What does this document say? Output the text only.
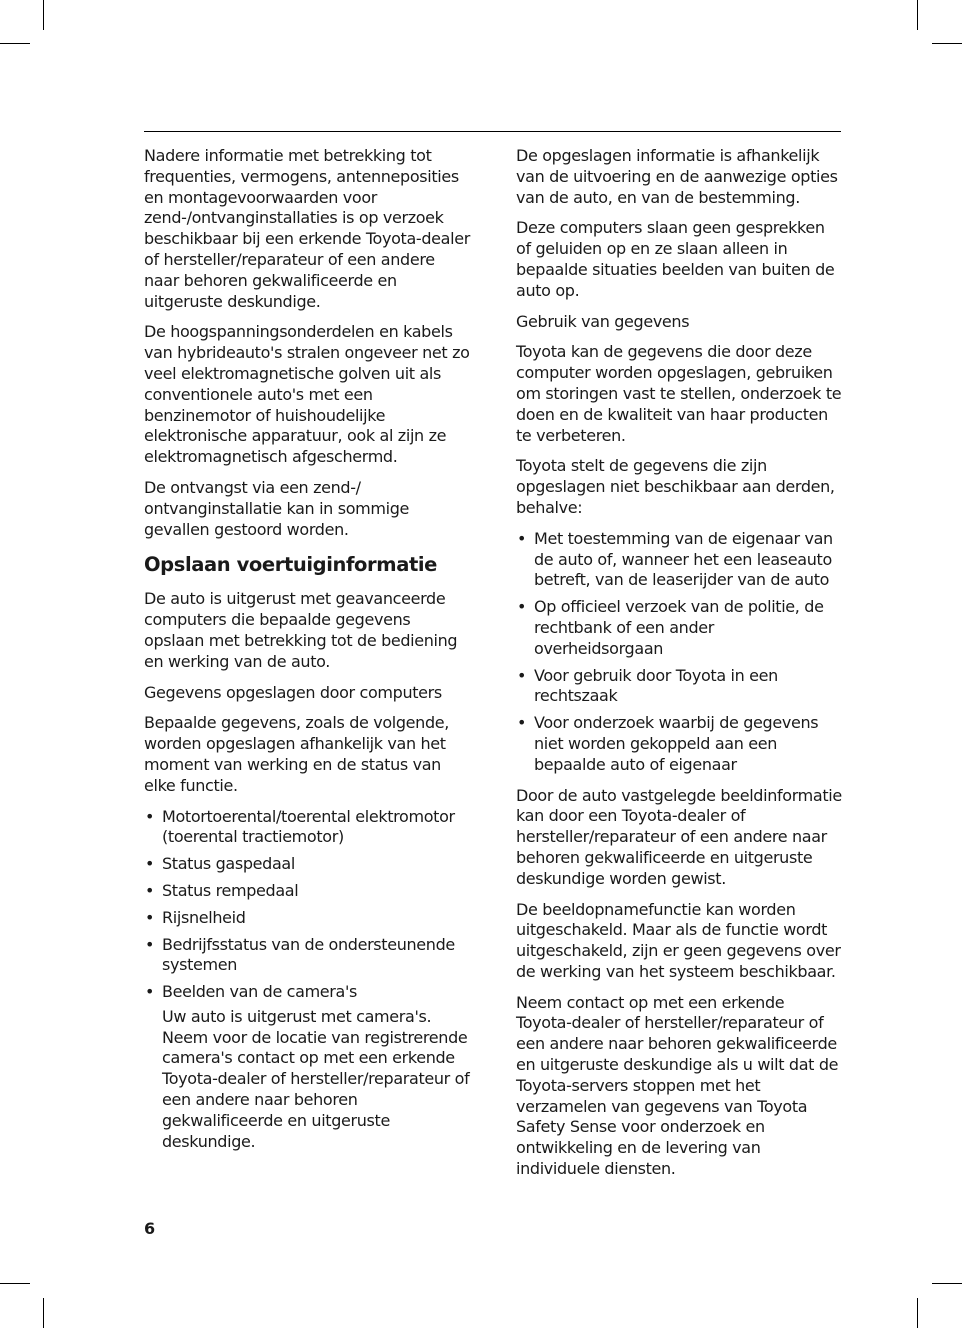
Nadere informatie met betrekking tot frequenties, vermogens, antenneposities en montagevoorwaarden voor zend-/ontvanginstallaties is op verzoek beschikbaar bij een erkende Toyota-dealer of hersteller/reparateur of een andere naar behoren gekwalificeerde en uitgeruste deskundige.

De hoogspanningsonderdelen en kabels van hybrideauto's stralen ongeveer net zo veel elektromagnetische golven uit als conventionele auto's met een benzinemotor of huishoudelijke elektronische apparatuur, ook al zijn ze elektromagnetisch afgeschermd.

De ontvangst via een zend-/ ontvanginstallatie kan in sommige gevallen gestoord worden.

Opslaan voertuiginformatie

De auto is uitgerust met geavanceerde computers die bepaalde gegevens opslaan met betrekking tot de bediening en werking van de auto.

Gegevens opgeslagen door computers

Bepaalde gegevens, zoals de volgende, worden opgeslagen afhankelijk van het moment van werking en de status van elke functie.

• Motortoerental/toerental elektromotor (toerental tractiemotor)
• Status gaspedaal
• Status rempedaal
• Rijsnelheid
• Bedrijfsstatus van de ondersteunende systemen
• Beelden van de camera's

Uw auto is uitgerust met camera's. Neem voor de locatie van registrerende camera's contact op met een erkende Toyota-dealer of hersteller/reparateur of een andere naar behoren gekwalificeerde en uitgeruste deskundige.

De opgeslagen informatie is afhankelijk van de uitvoering en de aanwezige opties van de auto, en van de bestemming.

Deze computers slaan geen gesprekken of geluiden op en ze slaan alleen in bepaalde situaties beelden van buiten de auto op.

Gebruik van gegevens

Toyota kan de gegevens die door deze computer worden opgeslagen, gebruiken om storingen vast te stellen, onderzoek te doen en de kwaliteit van haar producten te verbeteren.

Toyota stelt de gegevens die zijn opgeslagen niet beschikbaar aan derden, behalve:

• Met toestemming van de eigenaar van de auto of, wanneer het een leaseauto betreft, van de leaserijder van de auto
• Op officieel verzoek van de politie, de rechtbank of een ander overheidsorgaan
• Voor gebruik door Toyota in een rechtszaak
• Voor onderzoek waarbij de gegevens niet worden gekoppeld aan een bepaalde auto of eigenaar

Door de auto vastgelegde beeldinformatie kan door een Toyota-dealer of hersteller/reparateur of een andere naar behoren gekwalificeerde en uitgeruste deskundige worden gewist.

De beeldopnamefunctie kan worden uitgeschakeld. Maar als de functie wordt uitgeschakeld, zijn er geen gegevens over de werking van het systeem beschikbaar.

Neem contact op met een erkende Toyota-dealer of hersteller/reparateur of een andere naar behoren gekwalificeerde en uitgeruste deskundige als u wilt dat de Toyota-servers stoppen met het verzamelen van gegevens van Toyota Safety Sense voor onderzoek en ontwikkeling en de levering van individuele diensten.

6
